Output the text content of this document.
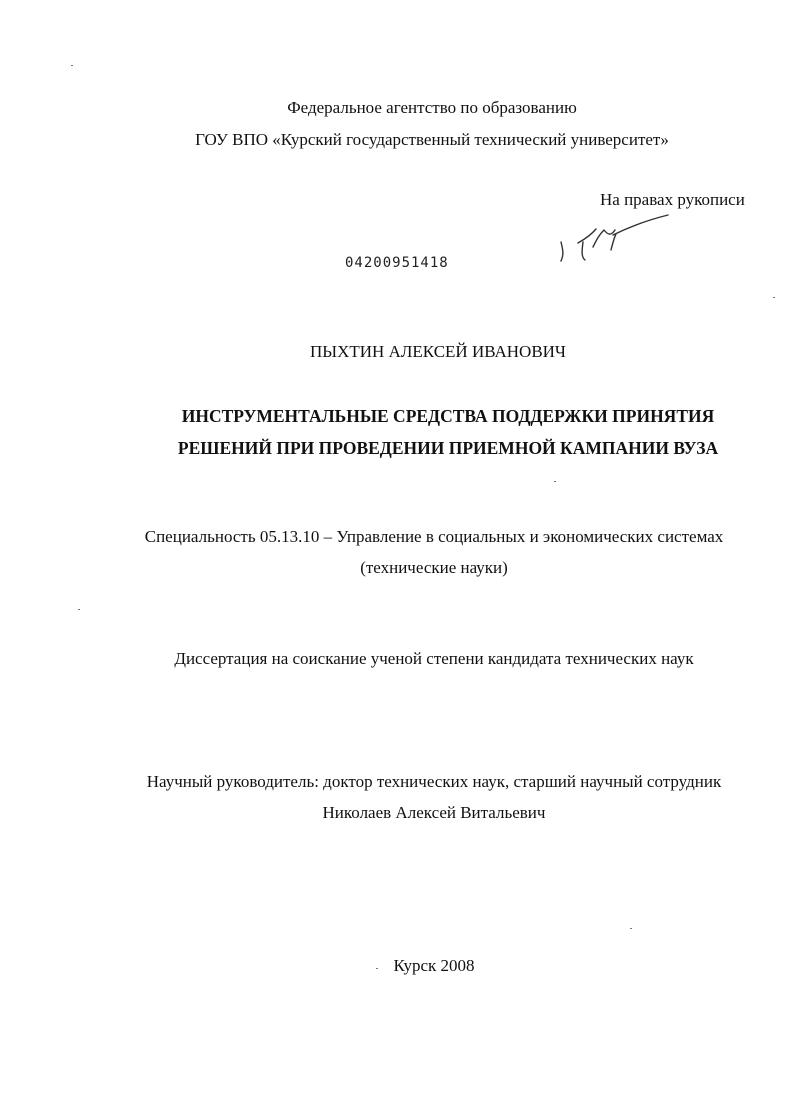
Федеральное агентство по образованию
ГОУ ВПО «Курский государственный технический университет»
На правах рукописи
04200951418
ПЫХТИН АЛЕКСЕЙ ИВАНОВИЧ
ИНСТРУМЕНТАЛЬНЫЕ СРЕДСТВА ПОДДЕРЖКИ ПРИНЯТИЯ
РЕШЕНИЙ ПРИ ПРОВЕДЕНИИ ПРИЕМНОЙ КАМПАНИИ ВУЗА
Специальность 05.13.10 – Управление в социальных и экономических системах
(технические науки)
Диссертация на соискание ученой степени кандидата технических наук
Научный руководитель: доктор технических наук, старший научный сотрудник
Николаев Алексей Витальевич
Курск 2008
